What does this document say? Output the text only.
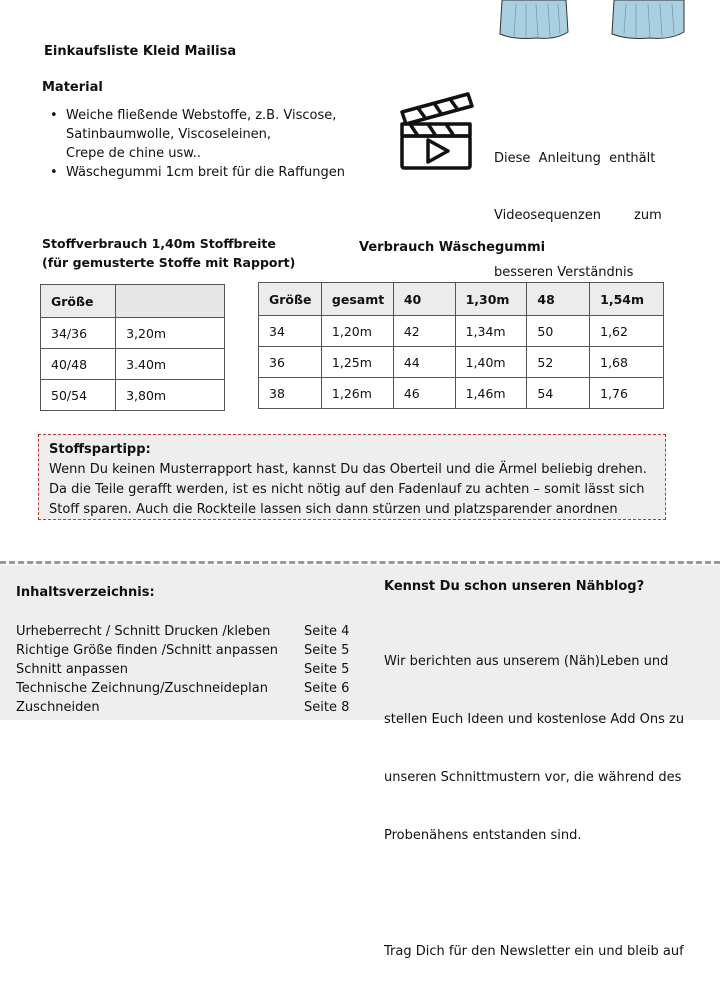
Einkaufsliste Kleid Mailisa
Material
• Weiche fließende Webstoffe, z.B. Viscose,
Satinbaumwolle, Viscoseleinen,
Crepe de chine usw..
• Wäschegummi 1cm breit für die Raffungen

Diese  Anleitung  enthält

Videosequenzen        zum

besseren Verständnis

Stoffverbrauch 1,40m Stoffbreite
(für gemusterte Stoffe mit Rapport)
Verbrauch Wäschegummi
Größe	
34/36	3,20m
40/48	3.40m
50/54	3,80m
Größe	gesamt	40	1,30m	48	1,54m
34	1,20m	42	1,34m	50	1,62
36	1,25m	44	1,40m	52	1,68
38	1,26m	46	1,46m	54	1,76
Stoffspartipp:
Wenn Du keinen Musterrapport hast, kannst Du das Oberteil und die Ärmel beliebig drehen.
Da die Teile gerafft werden, ist es nicht nötig auf den Fadenlauf zu achten – somit lässt sich
Stoff sparen. Auch die Rockteile lassen sich dann stürzen und platzsparender anordnen
Inhaltsverzeichnis:
Urheberrecht / Schnitt Drucken /kleben	Seite 4
Richtige Größe finden /Schnitt anpassen Seite 5
Schnitt anpassen	Seite 5
Technische Zeichnung/Zuschneideplan	Seite 6
Zuschneiden	Seite 8
Kennst Du schon unseren Nähblog?

Wir berichten aus unserem (Näh)Leben und

stellen Euch Ideen und kostenlose Add Ons zu

unseren Schnittmustern vor, die während des

Probenähens entstanden sind.

Trag Dich für den Newsletter ein und bleib auf
